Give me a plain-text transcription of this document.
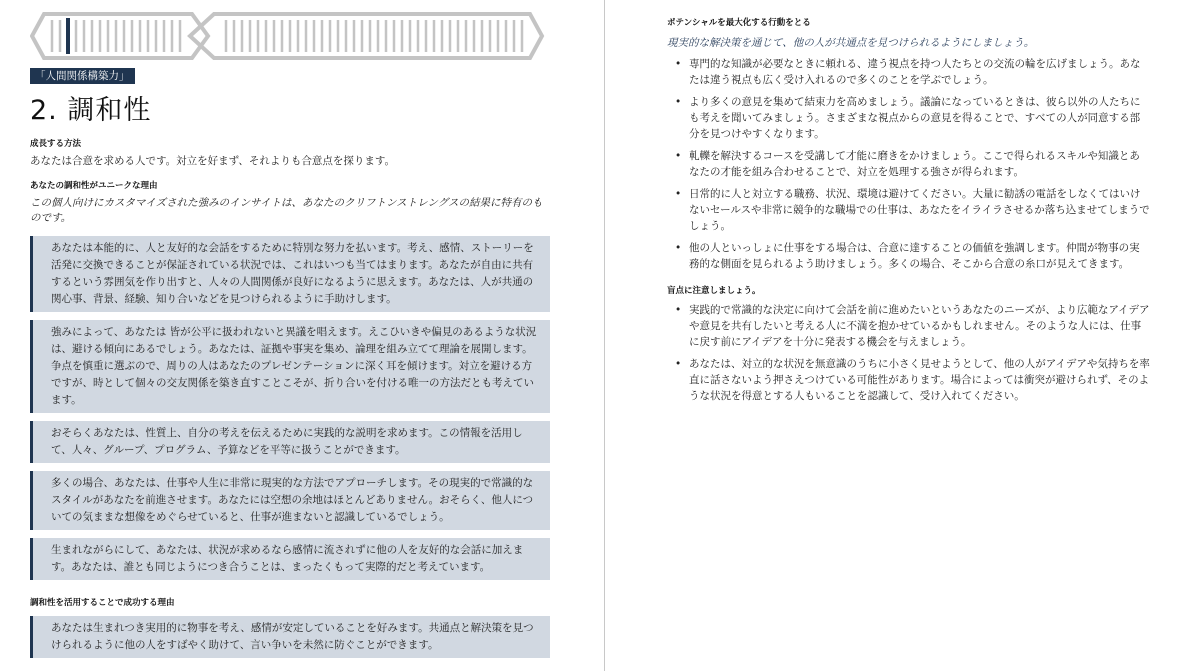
「人間関係構築力」
2. 調和性
成長する方法

あなたは合意を求める人です。対立を好まず、それよりも合意点を探ります。

あなたの調和性がユニークな理由

この個人向けにカスタマイズされた強みのインサイトは、あなたのクリフトンストレングスの結果に特有のものです。

あなたは本能的に、人と友好的な会話をするために特別な努力を払います。考え、感情、ストーリーを活発に交換できることが保証されている状況では、これはいつも当てはまります。あなたが自由に共有するという雰囲気を作り出すと、人々の人間関係が良好になるように思えます。あなたは、人が共通の関心事、背景、経験、知り合いなどを見つけられるように手助けします。
強みによって、あなたは 皆が公平に扱われないと異議を唱えます。えこひいきや偏見のあるような状況は、避ける傾向にあるでしょう。あなたは、証拠や事実を集め、論理を組み立てて理論を展開します。争点を慎重に選ぶので、周りの人はあなたのプレゼンテーションに深く耳を傾けます。対立を避ける方ですが、時として個々の交友関係を築き直すことこそが、折り合いを付ける唯一の方法だとも考えています。
おそらくあなたは、性質上、自分の考えを伝えるために実践的な説明を求めます。この情報を活用して、人々、グループ、プログラム、予算などを平等に扱うことができます。
多くの場合、あなたは、仕事や人生に非常に現実的な方法でアプローチします。その現実的で常識的なスタイルがあなたを前進させます。あなたには空想の余地はほとんどありません。おそらく、他人についての気ままな想像をめぐらせていると、仕事が進まないと認識しているでしょう。
生まれながらにして、あなたは、状況が求めるなら感情に流されずに他の人を友好的な会話に加えます。あなたは、誰とも同じようにつき合うことは、まったくもって実際的だと考えています。
調和性を活用することで成功する理由
あなたは生まれつき実用的に物事を考え、感情が安定していることを好みます。共通点と解決策を見つけられるように他の人をすばやく助けて、言い争いを未然に防ぐことができます。
ポテンシャルを最大化する行動をとる
現実的な解決策を通じて、他の人が共通点を見つけられるようにしましょう。
• 専門的な知識が必要なときに頼れる、違う視点を持つ人たちとの交流の輪を広げましょう。あなたは違う視点も広く受け入れるので多くのことを学ぶでしょう。
• より多くの意見を集めて結束力を高めましょう。議論になっているときは、彼ら以外の人たちにも考えを聞いてみましょう。さまざまな視点からの意見を得ることで、すべての人が同意する部分を見つけやすくなります。
• 軋轢を解決するコースを受講して才能に磨きをかけましょう。ここで得られるスキルや知識とあなたの才能を組み合わせることで、対立を処理する強さが得られます。
• 日常的に人と対立する職務、状況、環境は避けてください。大量に勧誘の電話をしなくてはいけないセールスや非常に競争的な職場での仕事は、あなたをイライラさせるか落ち込ませてしまうでしょう。
• 他の人といっしょに仕事をする場合は、合意に達することの価値を強調します。仲間が物事の実務的な側面を見られるよう助けましょう。多くの場合、そこから合意の糸口が見えてきます。
盲点に注意しましょう。
• 実践的で常識的な決定に向けて会話を前に進めたいというあなたのニーズが、より広範なアイデアや意見を共有したいと考える人に不満を抱かせているかもしれません。そのような人には、仕事に戻す前にアイデアを十分に発表する機会を与えましょう。
• あなたは、対立的な状況を無意識のうちに小さく見せようとして、他の人がアイデアや気持ちを率直に話さないよう押さえつけている可能性があります。場合によっては衝突が避けられず、そのような状況を得意とする人もいることを認識して、受け入れてください。
